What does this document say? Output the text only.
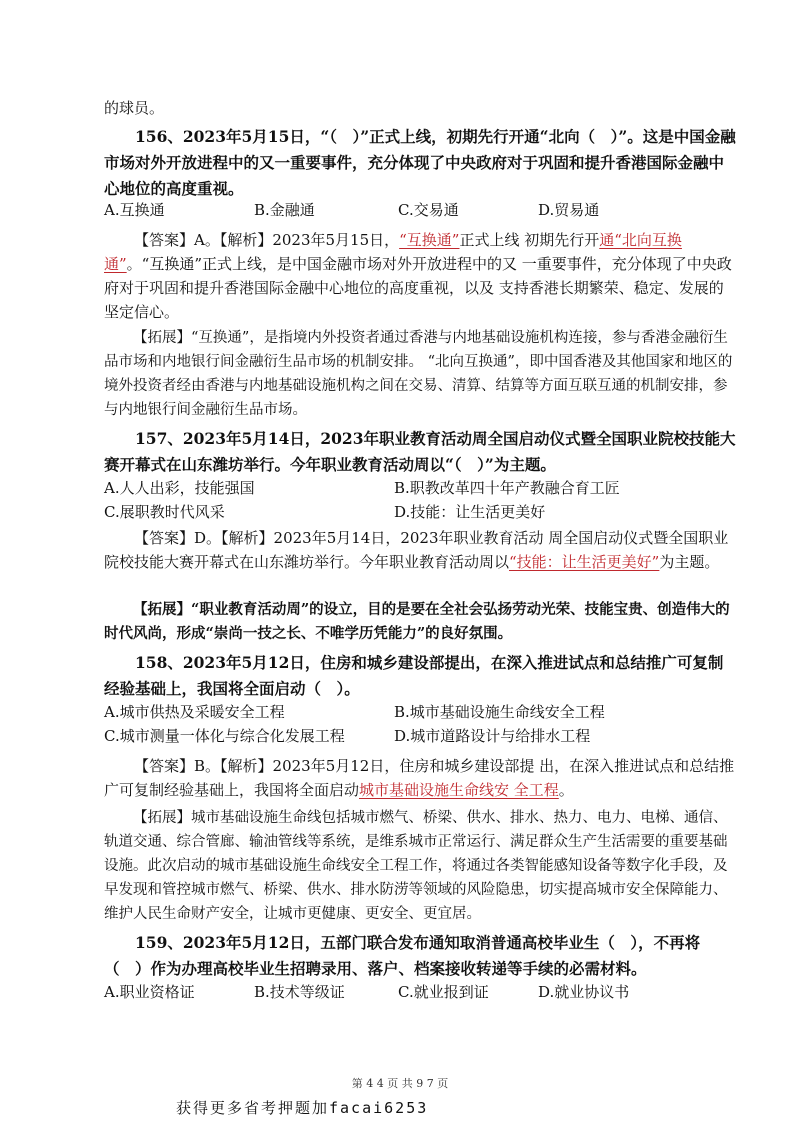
的球员。
156、2023年5月15日，“（　）”正式上线，初期先行开通“北向（　）”。这是中国金融市场对外开放进程中的又一重要事件，充分体现了中央政府对于巩固和提升香港国际金融中心地位的高度重视。
A.互换通	B.金融通	C.交易通	D.贸易通
【答案】A。【解析】2023年5月15日，“互换通”正式上线 初期先行开通“北向互换通”。“互换通”正式上线，是中国金融市场对外开放进程中的又 一重要事件，充分体现了中央政府对于巩固和提升香港国际金融中心地位的高度重视，以及 支持香港长期繁荣、稳定、发展的坚定信心。
【拓展】“互换通”，是指境内外投资者通过香港与内地基础设施机构连接，参与香港金融衍生品市场和内地银行间金融衍生品市场的机制安排。 “北向互换通”，即中国香港及其他国家和地区的境外投资者经由香港与内地基础设施机构之间在交易、清算、结算等方面互联互通的机制安排，参与内地银行间金融衍生品市场。
157、2023年5月14日，2023年职业教育活动周全国启动仪式暨全国职业院校技能大赛开幕式在山东潍坊举行。今年职业教育活动周以“（　）”为主题。
A.人人出彩，技能强国	B.职教改革四十年产教融合育工匠
C.展职教时代风采	D.技能：让生活更美好
【答案】D。【解析】2023年5月14日，2023年职业教育活动 周全国启动仪式暨全国职业院校技能大赛开幕式在山东潍坊举行。今年职业教育活动周以“技能：让生活更美好”为主题。
【拓展】“职业教育活动周”的设立，目的是要在全社会弘扬劳动光荣、技能宝贵、创造伟大的时代风尚，形成“崇尚一技之长、不唯学历凭能力”的良好氛围。
158、2023年5月12日，住房和城乡建设部提出，在深入推进试点和总结推广可复制经验基础上，我国将全面启动（　）。
A.城市供热及采暖安全工程	B.城市基础设施生命线安全工程
C.城市测量一体化与综合化发展工程	D.城市道路设计与给排水工程
【答案】B。【解析】2023年5月12日，住房和城乡建设部提 出，在深入推进试点和总结推广可复制经验基础上，我国将全面启动城市基础设施生命线安 全工程。
【拓展】城市基础设施生命线包括城市燃气、桥梁、供水、排水、热力、电力、电梯、通信、轨道交通、综合管廊、输油管线等系统，是维系城市正常运行、满足群众生产生活需要的重要基础设施。此次启动的城市基础设施生命线安全工程工作，将通过各类智能感知设备等数字化手段，及早发现和管控城市燃气、桥梁、供水、排水防涝等领域的风险隐患，切实提高城市安全保障能力、维护人民生命财产安全，让城市更健康、更安全、更宜居。
159、2023年5月12日，五部门联合发布通知取消普通高校毕业生（　），不再将（　）作为办理高校毕业生招聘录用、落户、档案接收转递等手续的必需材料。
A.职业资格证	B.技术等级证	C.就业报到证	D.就业协议书
第 4 4 页 共 9 7 页
获得更多省考押题加facai6253
